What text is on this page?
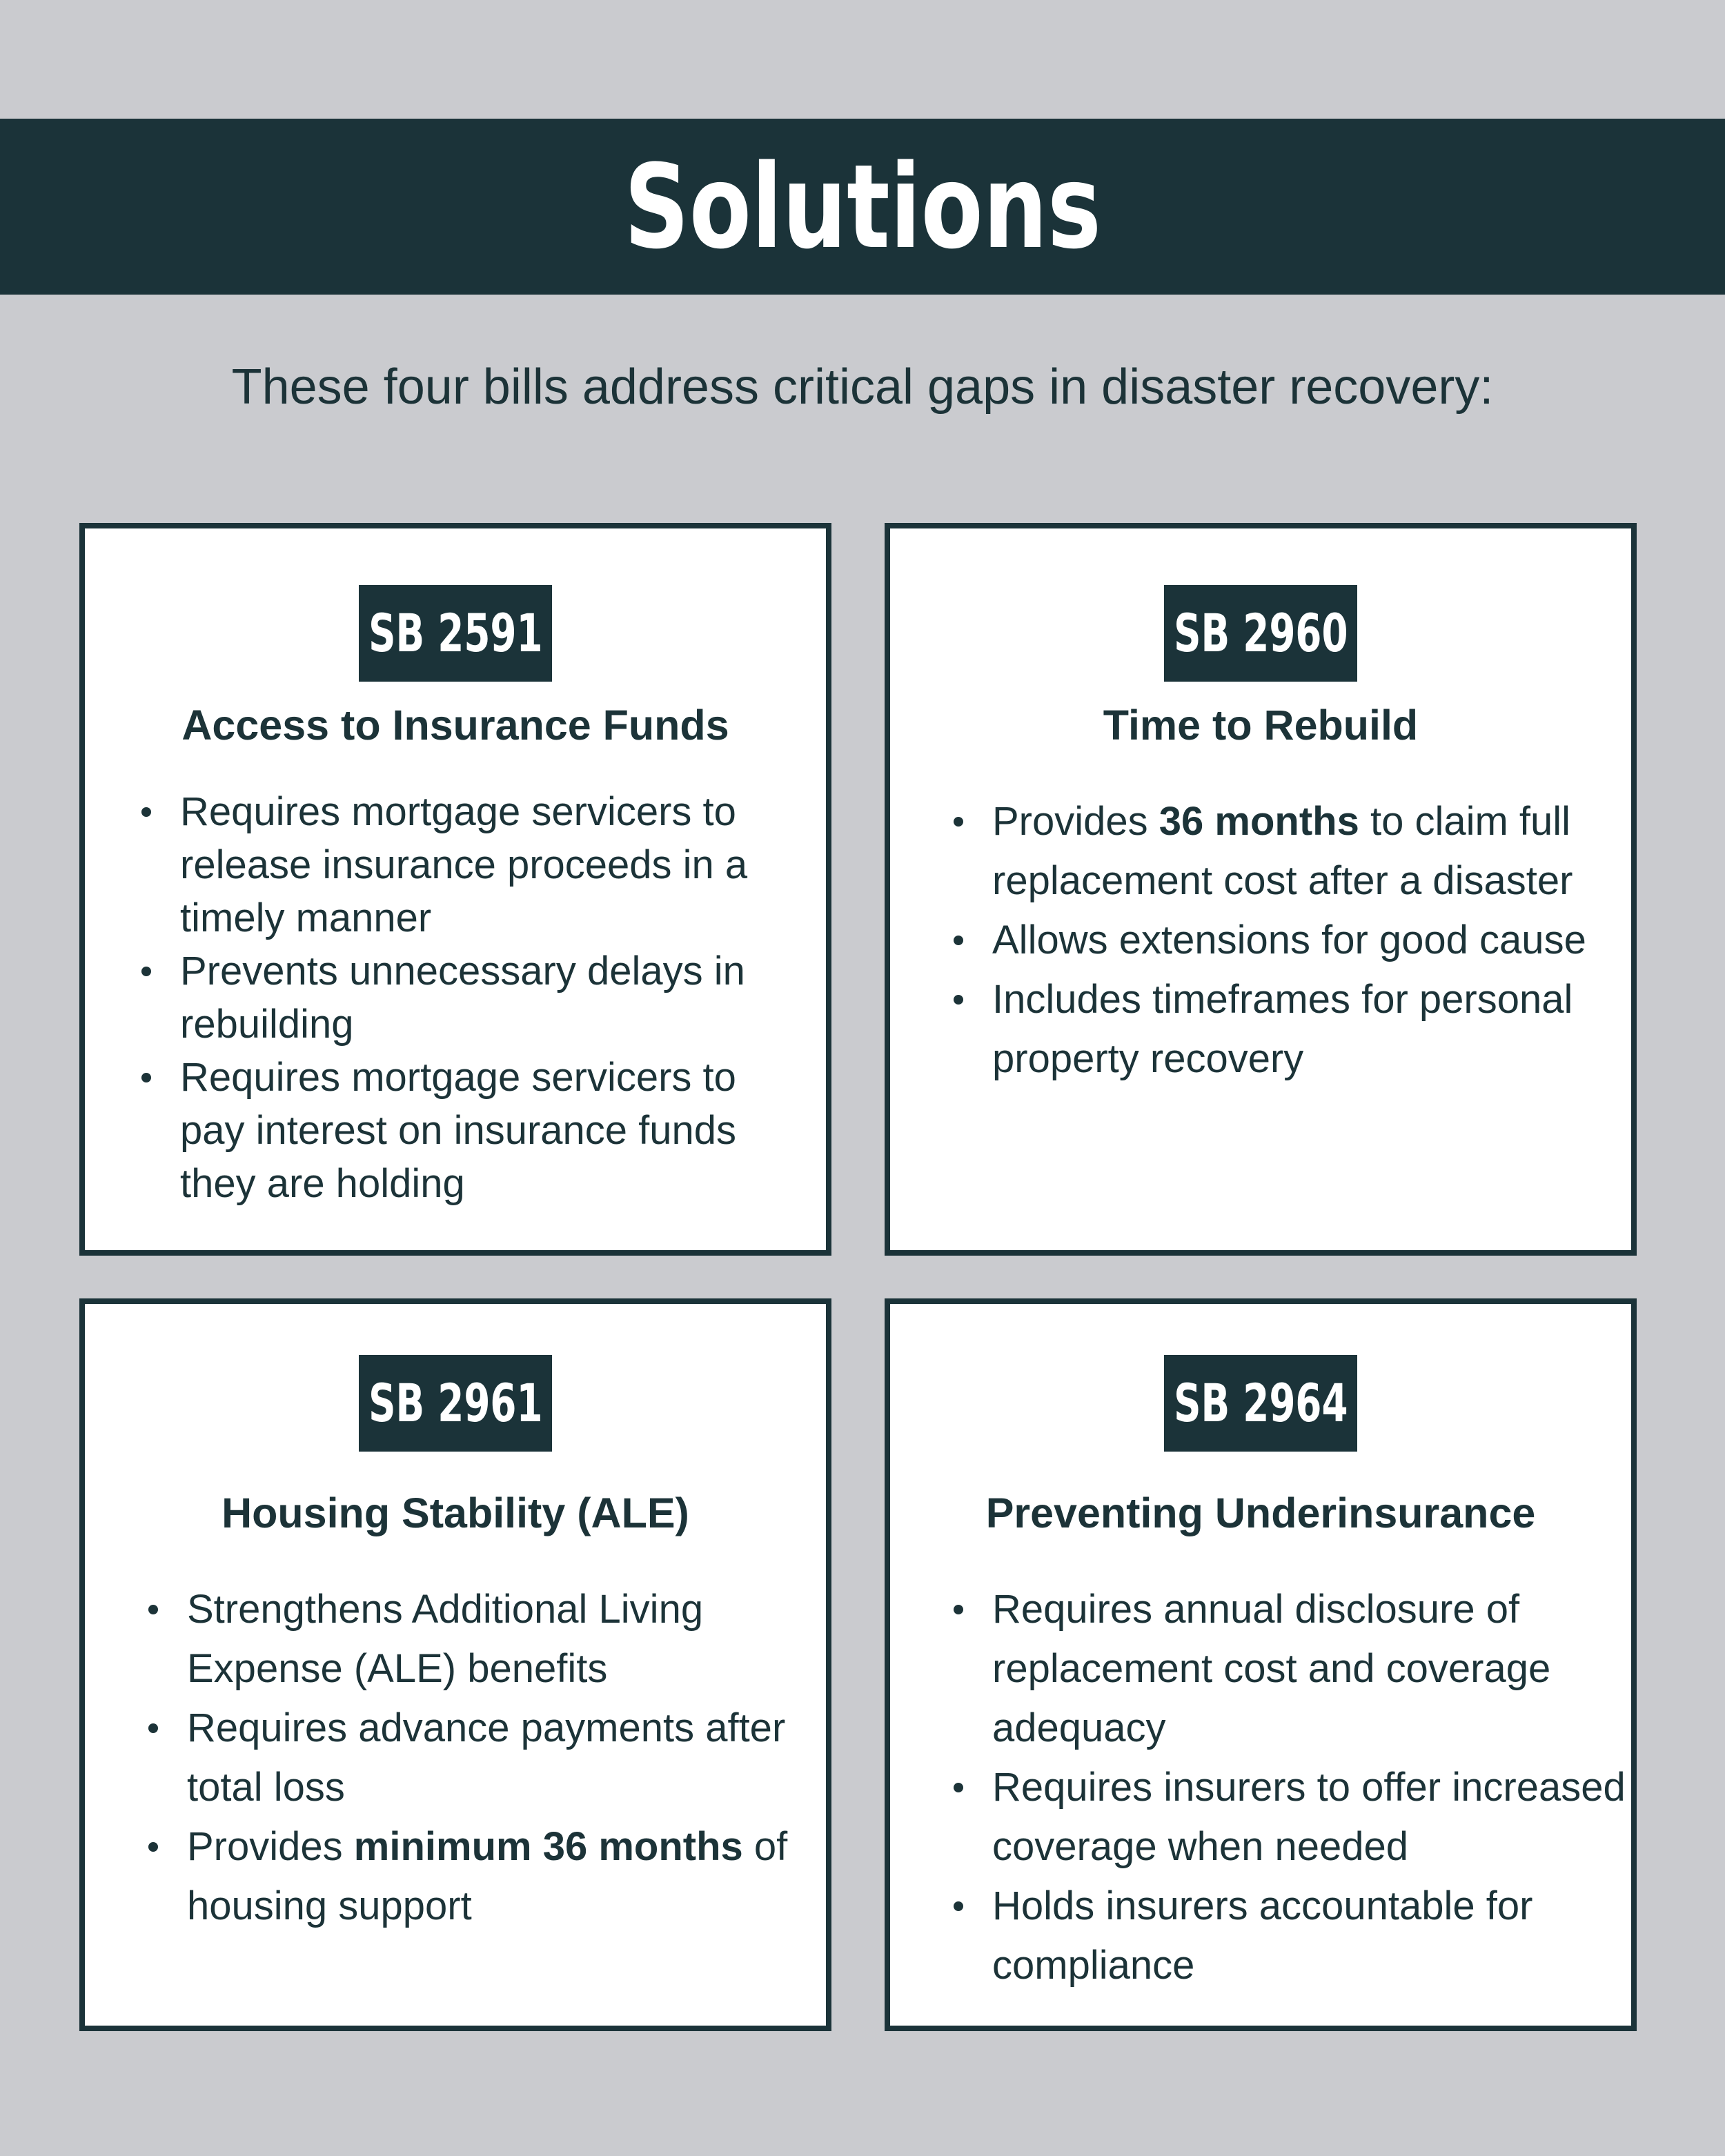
Solutions
These four bills address critical gaps in disaster recovery:
SB 2591
Access to Insurance Funds
Requires mortgage servicers to release insurance proceeds in a timely manner
Prevents unnecessary delays in rebuilding
Requires mortgage servicers to pay interest on insurance funds they are holding
SB 2960
Time to Rebuild
Provides 36 months to claim full replacement cost after a disaster
Allows extensions for good cause
Includes timeframes for personal property recovery
SB 2961
Housing Stability (ALE)
Strengthens Additional Living Expense (ALE) benefits
Requires advance payments after total loss
Provides minimum 36 months of housing support
SB 2964
Preventing Underinsurance
Requires annual disclosure of replacement cost and coverage adequacy
Requires insurers to offer increased coverage when needed
Holds insurers accountable for compliance
